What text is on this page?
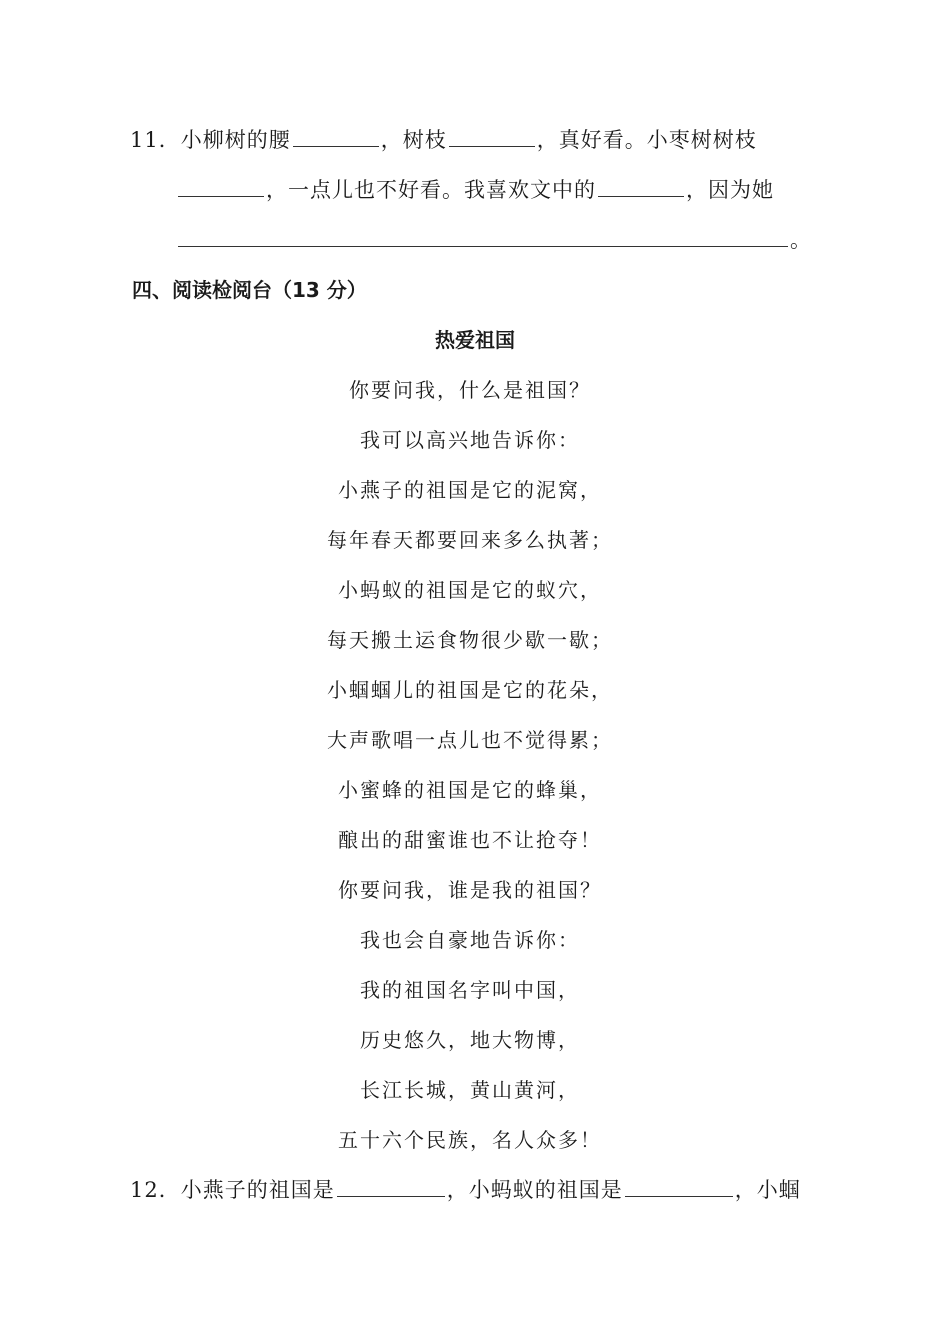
11．小柳树的腰	，树枝	，真好看。小枣树树枝
，一点儿也不好看。我喜欢文中的	，因为她
。
四、阅读检阅台（13 分）
热爱祖国
你要问我，什么是祖国？
我可以高兴地告诉你：
小燕子的祖国是它的泥窝，
每年春天都要回来多么执著；
小蚂蚁的祖国是它的蚁穴，
每天搬土运食物很少歇一歇；
小蝈蝈儿的祖国是它的花朵，
大声歌唱一点儿也不觉得累；
小蜜蜂的祖国是它的蜂巢，
酿出的甜蜜谁也不让抢夺！
你要问我，谁是我的祖国？
我也会自豪地告诉你：
我的祖国名字叫中国，
历史悠久，地大物博，
长江长城，黄山黄河，
五十六个民族，名人众多！
12．小燕子的祖国是	，小蚂蚁的祖国是	，小蝈
